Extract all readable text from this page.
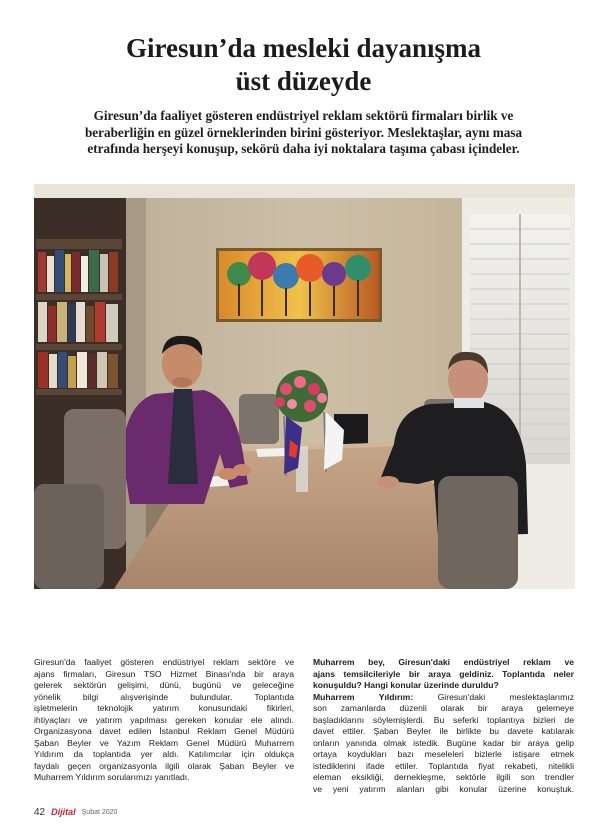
Giresun’da mesleki dayanışma
üst düzeyde
Giresun’da faaliyet gösteren endüstriyel reklam sektörü firmaları birlik ve
beraberliğin en güzel örneklerinden birini gösteriyor. Meslektaşlar, aynı masa
etrafında herşeyi konuşup, sekörü daha iyi noktalara taşıma çabası içindeler.
Giresun'da faaliyet gösteren endüstriyel reklam sektöre ve
ajans firmaları, Giresun TSO Hizmet Binası'nda bir araya
gelerek sektörün gelişimi, dünü, bugünü ve geleceğine
yönelik bilgi alışverişinde bulundular. Toplantıda
işletmelerin teknolojik yatırım konusundaki fikirleri,
ihtiyaçları ve yatırım yapılması gereken konular ele alındı.
Organizasyona davet edilen İstanbul Reklam Genel Müdürü
Şaban Beyler ve Yazım Reklam Genel Müdürü Muharrem
Yıldırım da toplantıda yer aldı. Katılımcılar için oldukça
faydalı geçen organizasyonla ilgili olarak Şaban Beyler ve
Muharrem Yıldırım sorularımızı yanıtladı.
Muharrem bey, Giresun'daki endüstriyel reklam ve
ajans temsilcileriyle bir araya geldiniz. Toplantıda neler
konuşuldu? Hangi konular üzerinde duruldu?
Muharrem Yıldırım:	Giresun'daki meslektaşlarımız
son zamanlarda düzenli olarak bir araya gelemeye
başladıklarını söylemişlerdi. Bu seferki toplantıya bizleri de
davet ettiler. Şaban Beyler ile birlikte bu davete katılarak
onların yanında olmak istedik. Bugüne kadar bir araya gelip
ortaya koydukları bazı meseleleri bizlerle istişare etmek
istediklerini ifade ettiler. Toplantıda fiyat rekabeti, nitelikli
eleman eksikliği, dernekleşme, sektörle ilgili son trendler
ve yeni yatırım alanları gibi konular üzerine konuştuk.
42 Dijital Şubat 2020
